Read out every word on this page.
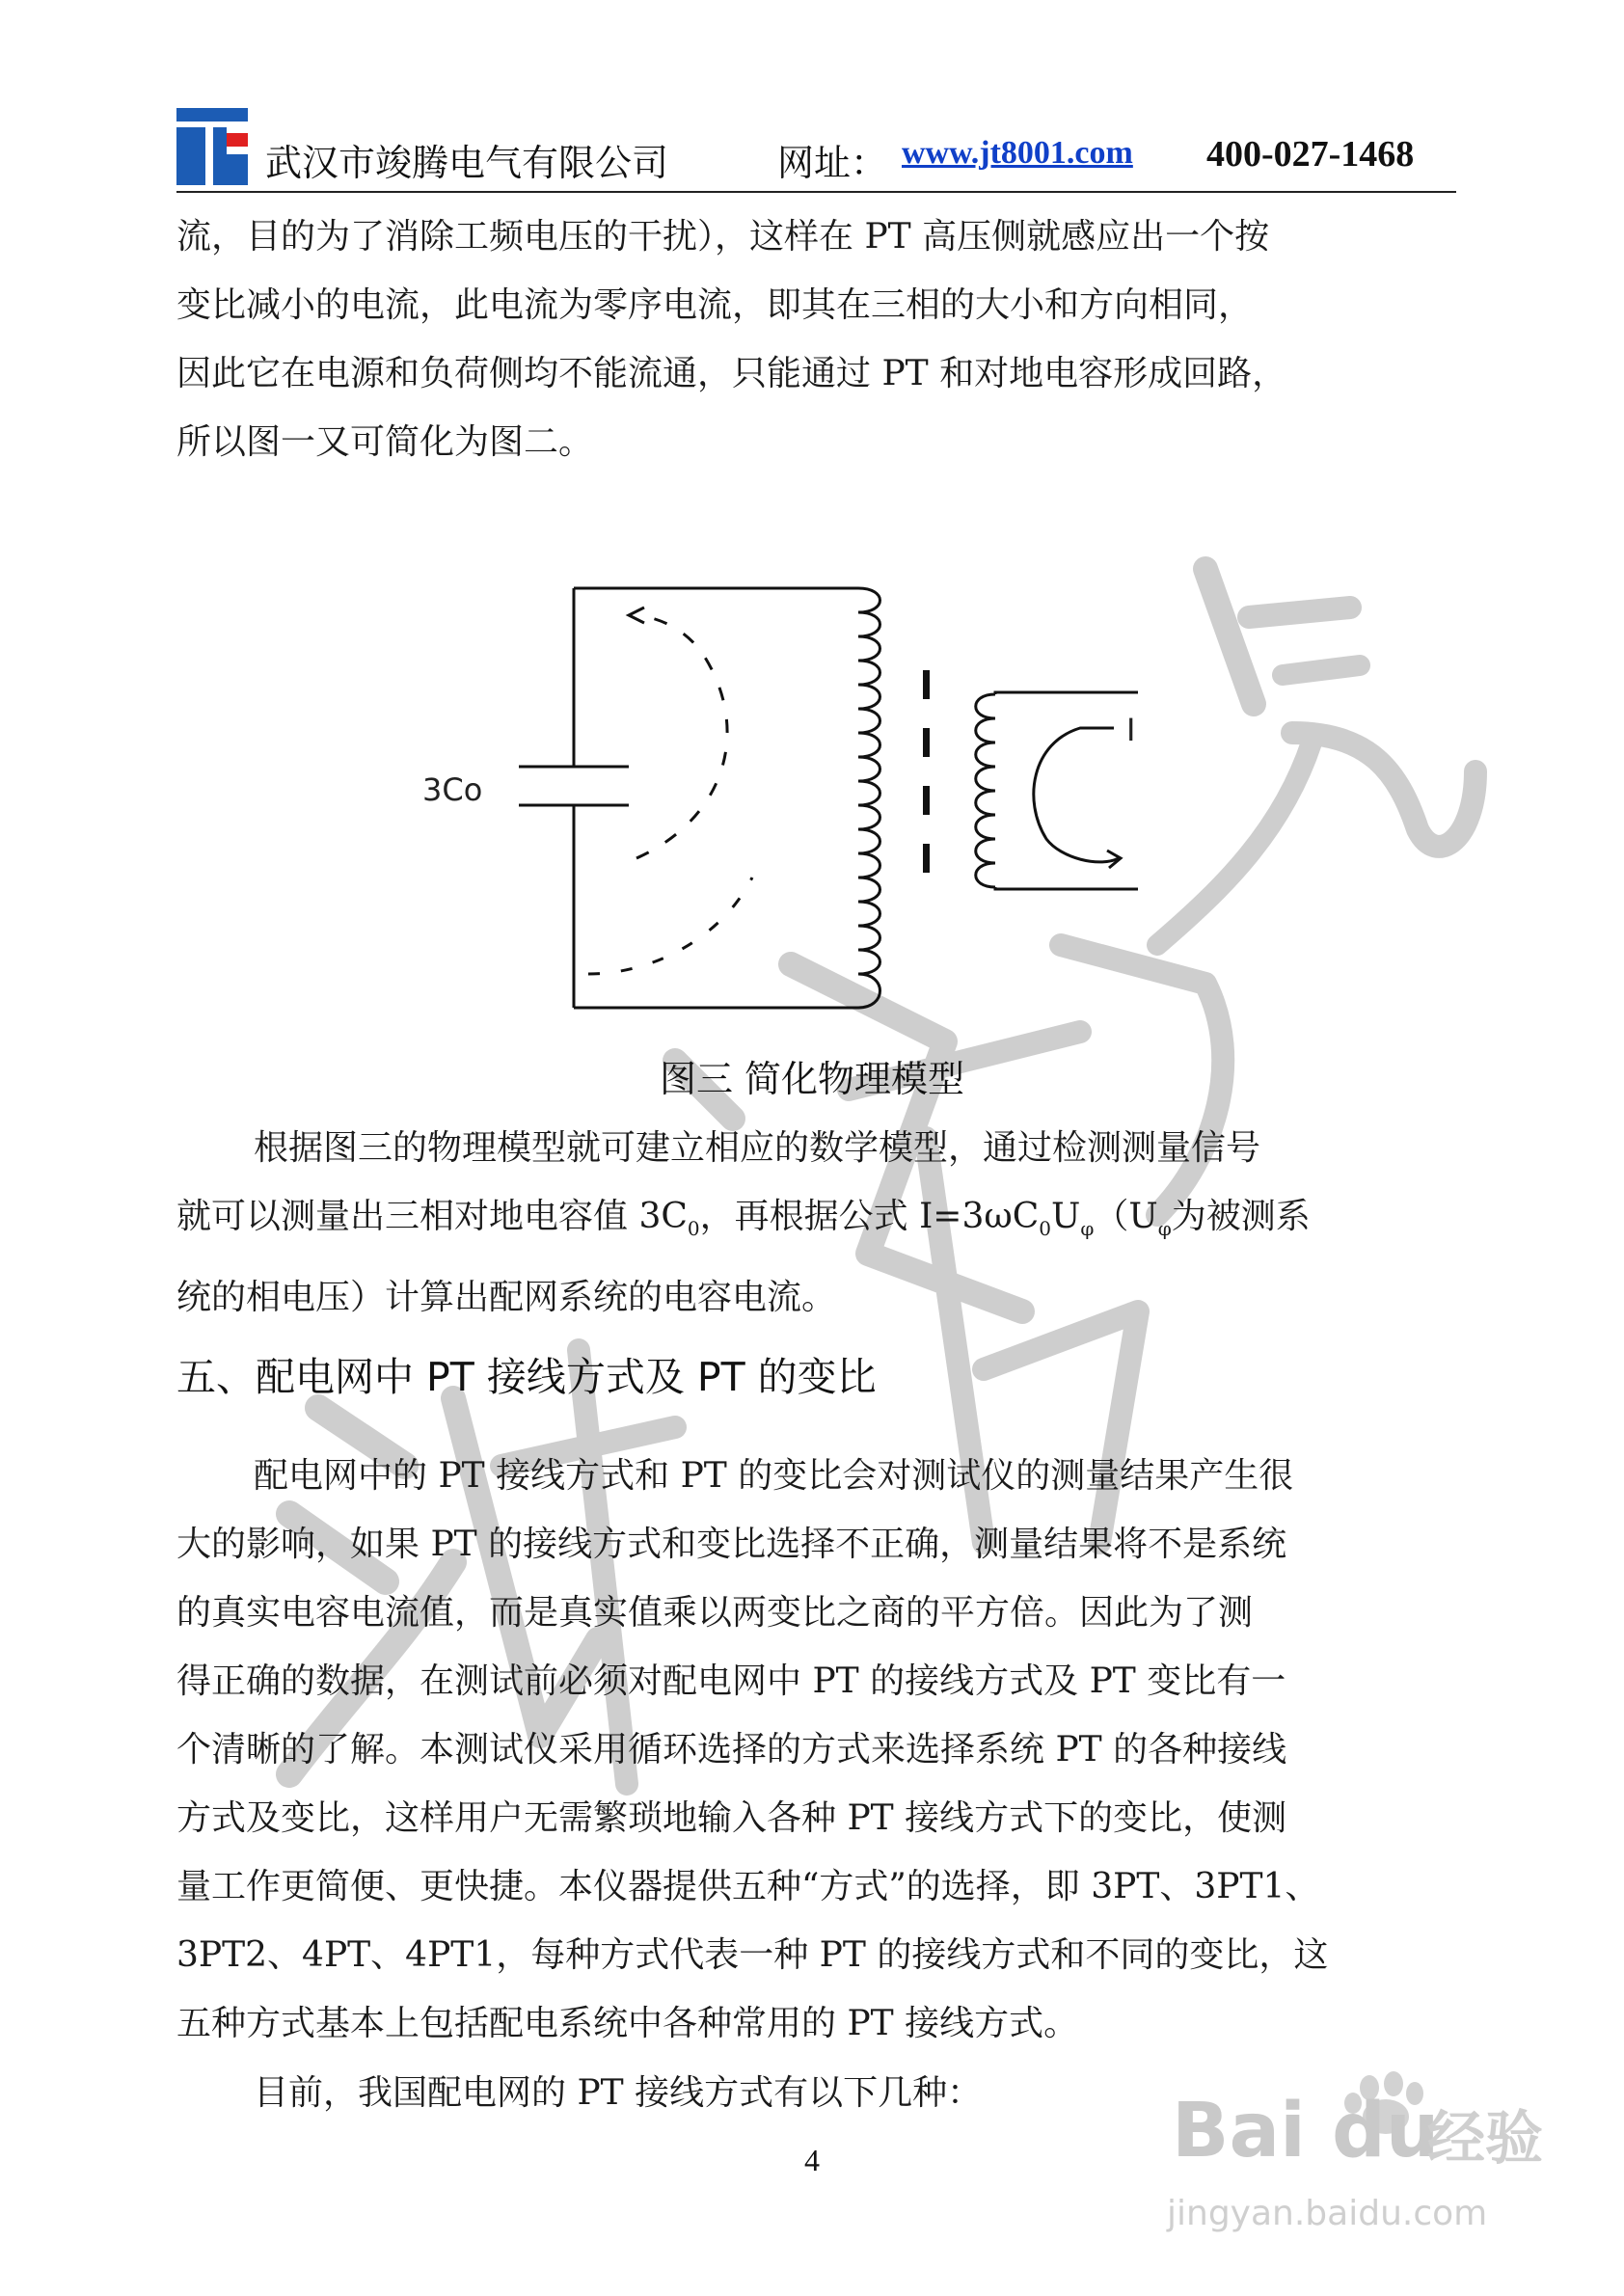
武汉市竣腾电气有限公司	网址： www.jt8001.com 400-027-1468

流，目的为了消除工频电压的干扰），这样在 PT 高压侧就感应出一个按
变比减小的电流，此电流为零序电流，即其在三相的大小和方向相同，
因此它在电源和负荷侧均不能流通，只能通过 PT 和对地电容形成回路，
所以图一又可简化为图二。

3Co
I
图三 简化物理模型

根据图三的物理模型就可建立相应的数学模型，通过检测测量信号
就可以测量出三相对地电容值 $3C_0$，再根据公式 $I=3\omega C_0U_\varphi(U_\varphi$为被测系
统的相电压）计算出配网系统的电容电流。

五、配电网中 PT 接线方式及 PT 的变比

配电网中的 PT 接线方式和 PT 的变比会对测试仪的测量结果产生很
大的影响，如果 PT 的接线方式和变比选择不正确，测量结果将不是系统
的真实电容电流值，而是真实值乘以两变比之商的平方倍。因此为了测
得正确的数据，在测试前必须对配电网中 PT 的接线方式及 PT 变比有一
个清晰的了解。本测试仪采用循环选择的方式来选择系统 PT 的各种接线
方式及变比，这样用户无需繁琐地输入各种 PT 接线方式下的变比，使测
量工作更简便、更快捷。本仪器提供五种“方式”的选择，即 3PT、3PT1、
3PT2、4PT、4PT1，每种方式代表一种 PT 的接线方式和不同的变比，这
五种方式基本上包括配电系统中各种常用的 PT 接线方式。

目前，我国配电网的 PT 接线方式有以下几种：

4	Bai du
经验
jingyan.baidu.com
